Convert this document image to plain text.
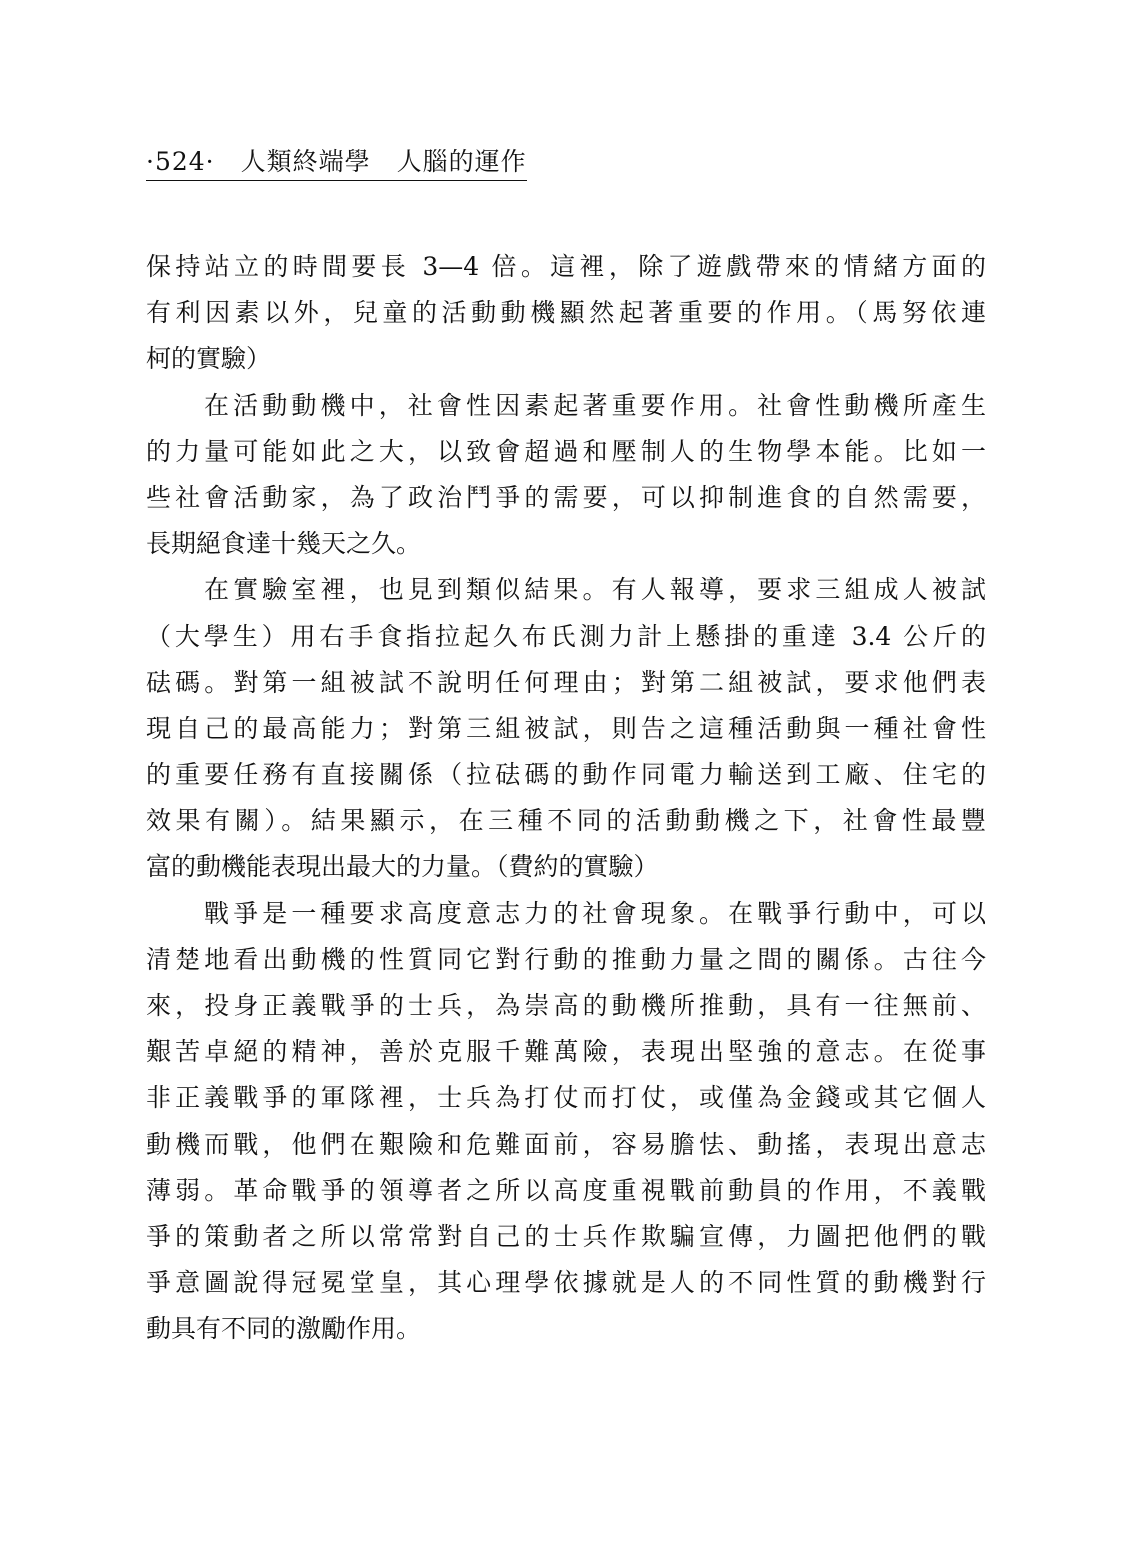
·524· 人類終端學 人腦的運作
保持站立的時間要長 3—4 倍。這裡，除了遊戲帶來的情緒方面的
有利因素以外，兒童的活動動機顯然起著重要的作用。（馬努依連
柯的實驗）
在活動動機中，社會性因素起著重要作用。社會性動機所產生
的力量可能如此之大，以致會超過和壓制人的生物學本能。比如一
些社會活動家，為了政治鬥爭的需要，可以抑制進食的自然需要，
長期絕食達十幾天之久。
在實驗室裡，也見到類似結果。有人報導，要求三組成人被試
（大學生）用右手食指拉起久布氏測力計上懸掛的重達 3.4 公斤的
砝碼。對第一組被試不說明任何理由；對第二組被試，要求他們表
現自己的最高能力；對第三組被試，則告之這種活動與一種社會性
的重要任務有直接關係（拉砝碼的動作同電力輸送到工廠、住宅的
效果有關）。結果顯示，在三種不同的活動動機之下，社會性最豐
富的動機能表現出最大的力量。（費約的實驗）
戰爭是一種要求高度意志力的社會現象。在戰爭行動中，可以
清楚地看出動機的性質同它對行動的推動力量之間的關係。古往今
來，投身正義戰爭的士兵，為崇高的動機所推動，具有一往無前、
艱苦卓絕的精神，善於克服千難萬險，表現出堅強的意志。在從事
非正義戰爭的軍隊裡，士兵為打仗而打仗，或僅為金錢或其它個人
動機而戰，他們在艱險和危難面前，容易膽怯、動搖，表現出意志
薄弱。革命戰爭的領導者之所以高度重視戰前動員的作用，不義戰
爭的策動者之所以常常對自己的士兵作欺騙宣傳，力圖把他們的戰
爭意圖說得冠冕堂皇，其心理學依據就是人的不同性質的動機對行
動具有不同的激勵作用。
